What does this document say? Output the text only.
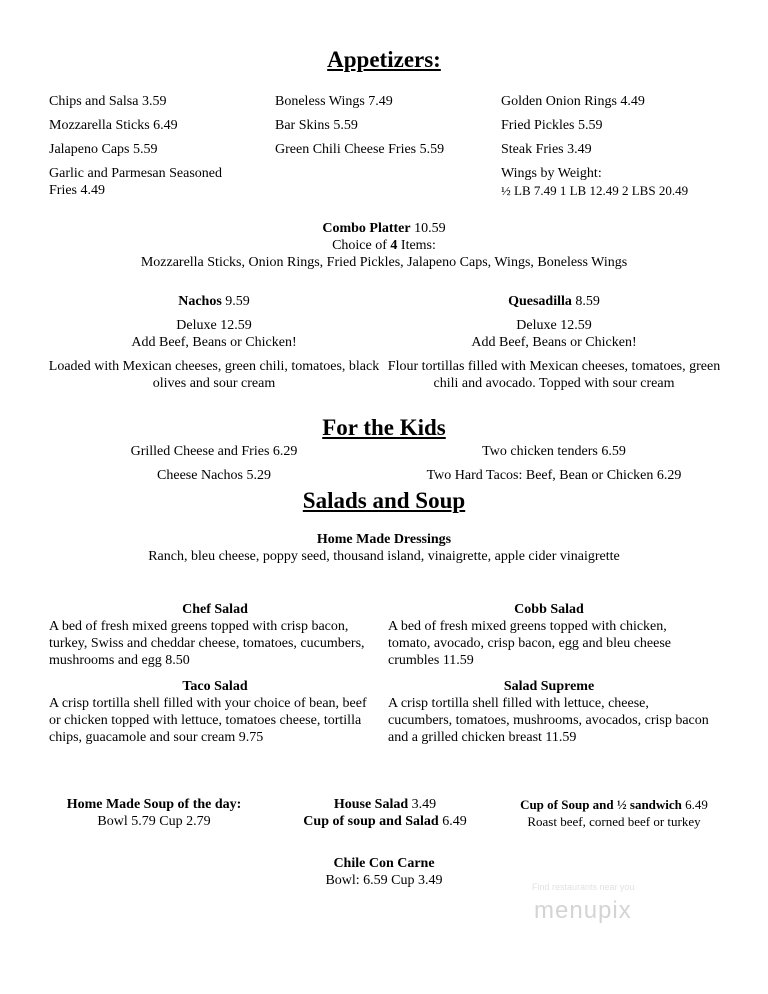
Appetizers:
Chips and Salsa 3.59
Mozzarella Sticks 6.49
Jalapeno Caps 5.59
Garlic and Parmesan Seasoned
Fries 4.49
Boneless Wings 7.49
Bar Skins 5.59
Green Chili Cheese Fries 5.59
Golden Onion Rings 4.49
Fried Pickles 5.59
Steak Fries 3.49
Wings by Weight:
½ LB 7.49 1 LB 12.49 2 LBS 20.49
Combo Platter 10.59
Choice of 4 Items:
Mozzarella Sticks, Onion Rings, Fried Pickles, Jalapeno Caps, Wings, Boneless Wings
Nachos 9.59
Deluxe 12.59
Add Beef, Beans or Chicken!
Loaded with Mexican cheeses, green chili, tomatoes, black olives and sour cream
Quesadilla 8.59
Deluxe 12.59
Add Beef, Beans or Chicken!
Flour tortillas filled with Mexican cheeses, tomatoes, green chili and avocado. Topped with sour cream
For the Kids
Grilled Cheese and Fries 6.29	Two chicken tenders 6.59
Cheese Nachos 5.29	Two Hard Tacos: Beef, Bean or Chicken 6.29
Salads and Soup
Home Made Dressings
Ranch, bleu cheese, poppy seed, thousand island, vinaigrette, apple cider vinaigrette
Chef Salad
A bed of fresh mixed greens topped with crisp bacon, turkey, Swiss and cheddar cheese, tomatoes, cucumbers, mushrooms and egg 8.50
Cobb Salad
A bed of fresh mixed greens topped with chicken, tomato, avocado, crisp bacon, egg and bleu cheese crumbles 11.59
Taco Salad
A crisp tortilla shell filled with your choice of bean, beef or chicken topped with lettuce, tomatoes cheese, tortilla chips, guacamole and sour cream 9.75
Salad Supreme
A crisp tortilla shell filled with lettuce, cheese, cucumbers, tomatoes, mushrooms, avocados, crisp bacon and a grilled chicken breast 11.59
Home Made Soup of the day:
Bowl 5.79 Cup 2.79
House Salad 3.49
Cup of soup and Salad 6.49
Cup of Soup and ½ sandwich 6.49
Roast beef, corned beef or turkey
Chile Con Carne
Bowl: 6.59 Cup 3.49	Find restaurants near you
menupix
